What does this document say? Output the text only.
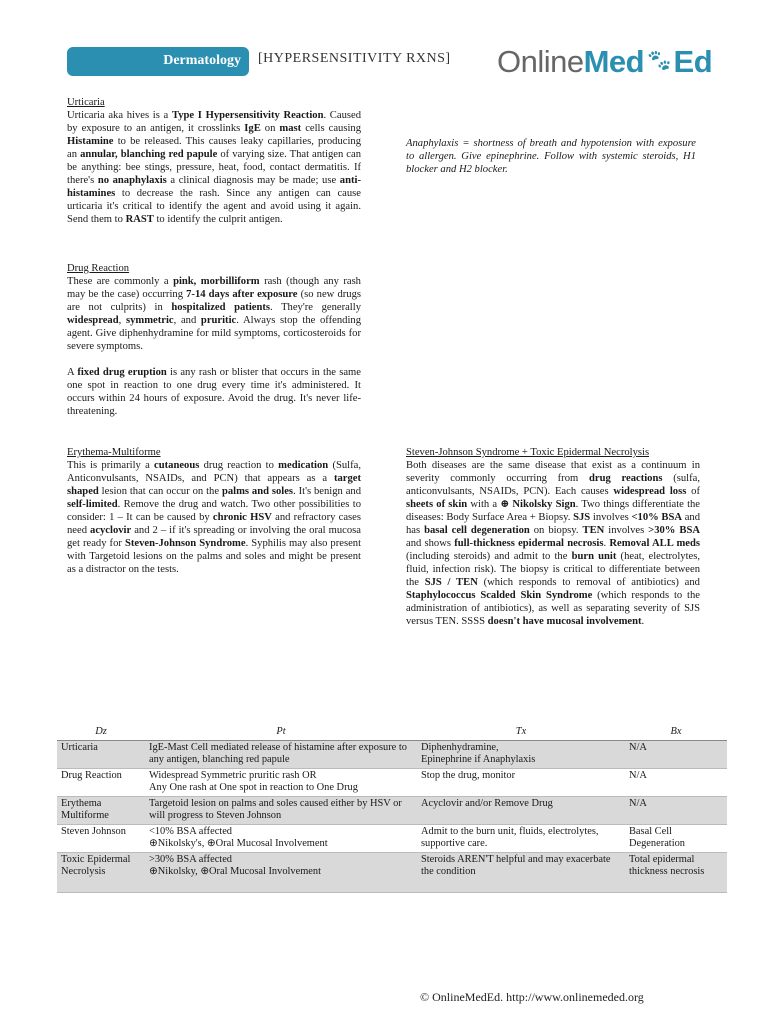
Dermatology [HYPERSENSITIVITY RXNS] OnlineMed🐾︎Ed

Urticaria

Urticaria aka hives is a Type I Hypersensitivity Reaction. Caused by exposure to an antigen, it crosslinks IgE on mast cells causing Histamine to be released. This causes leaky capillaries, producing an annular, blanching red papule of varying size. That antigen can be anything: bee stings, pressure, heat, food, contact dermatitis. If there's no anaphylaxis a clinical diagnosis may be made; use anti-histamines to decrease the rash. Since any antigen can cause urticaria it's critical to identify the agent and avoid using it again. Send them to RAST to identify the culprit antigen.

Anaphylaxis = shortness of breath and hypotension with exposure to allergen. Give epinephrine. Follow with systemic steroids, H1 blocker and H2 blocker.

Drug Reaction

These are commonly a pink, morbilliform rash (though any rash may be the case) occurring 7-14 days after exposure (so new drugs are not culprits) in hospitalized patients. They're generally widespread, symmetric, and pruritic. Always stop the offending agent. Give diphenhydramine for mild symptoms, corticosteroids for severe symptoms.

A fixed drug eruption is any rash or blister that occurs in the same one spot in reaction to one drug every time it's administered. It occurs within 24 hours of exposure. Avoid the drug. It's never life-threatening.

Erythema-Multiforme

This is primarily a cutaneous drug reaction to medication (Sulfa, Anticonvulsants, NSAIDs, and PCN) that appears as a target shaped lesion that can occur on the palms and soles. It's benign and self-limited. Remove the drug and watch. Two other possibilities to consider: 1 – It can be caused by chronic HSV and refractory cases need acyclovir and 2 – if it's spreading or involving the oral mucosa get ready for Steven-Johnson Syndrome. Syphilis may also present with Targetoid lesions on the palms and soles and might be present as a distractor on the tests.

Steven-Johnson Syndrome + Toxic Epidermal Necrolysis

Both diseases are the same disease that exist as a continuum in severity commonly occurring from drug reactions (sulfa, anticonvulsants, NSAIDs, PCN). Each causes widespread loss of sheets of skin with a ⊕ Nikolsky Sign. Two things differentiate the diseases: Body Surface Area + Biopsy. SJS involves <10% BSA and has basal cell degeneration on biopsy. TEN involves >30% BSA and shows full-thickness epidermal necrosis. Removal ALL meds (including steroids) and admit to the burn unit (heat, electrolytes, fluid, infection risk). The biopsy is critical to differentiate between the SJS / TEN (which responds to removal of antibiotics) and Staphylococcus Scalded Skin Syndrome (which responds to the administration of antibiotics), as well as separating severity of SJS versus TEN. SSSS doesn't have mucosal involvement.

Dz	Pt	Tx	Bx
Urticaria	IgE-Mast Cell mediated release of histamine after exposure to any antigen, blanching red papule	Diphenhydramine,
Epinephrine if Anaphylaxis	N/A
Drug Reaction	Widespread Symmetric pruritic rash OR
Any One rash at One spot in reaction to One Drug	Stop the drug, monitor	N/A
Erythema Multiforme	Targetoid lesion on palms and soles caused either by HSV or will progress to Steven Johnson	Acyclovir and/or Remove Drug	N/A
Steven Johnson	<10% BSA affected
⊕Nikolsky's, ⊕Oral Mucosal Involvement	Admit to the burn unit, fluids, electrolytes, supportive care.	Basal Cell Degeneration
Toxic Epidermal Necrolysis	>30% BSA affected
⊕Nikolsky, ⊕Oral Mucosal Involvement	Steroids AREN'T helpful and may exacerbate the condition	Total epidermal thickness necrosis
© OnlineMedEd. http://www.onlinemeded.org
